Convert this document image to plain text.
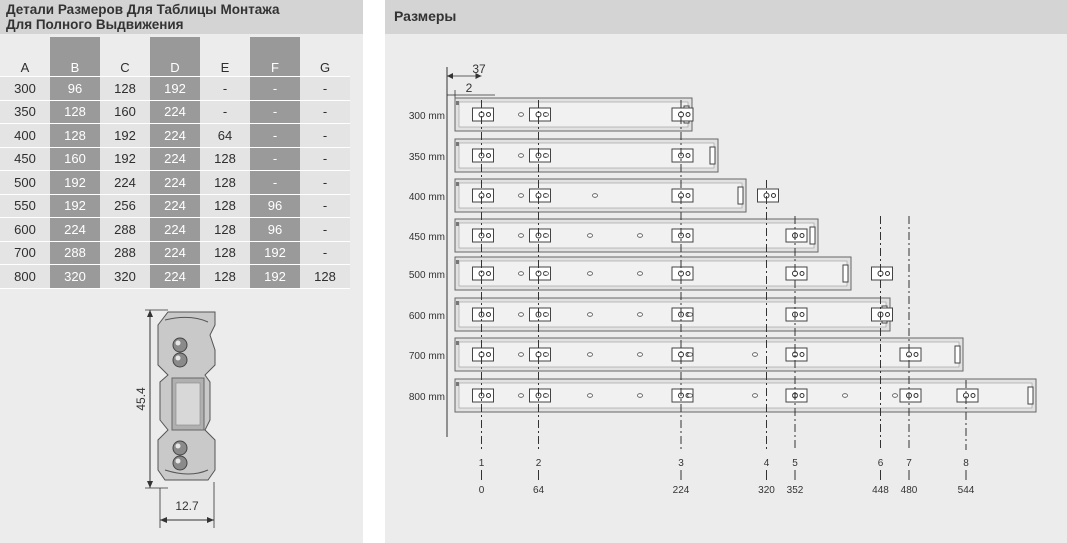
Детали Размеров Для Таблицы Монтажа
Для Полного Выдвижения
A	B	C	D	E	F	G
300	96	128	192	-	-	-
350	128	160	224	-	-	-
400	128	192	224	64	-	-
450	160	192	224	128	-	-
500	192	224	224	128	-	-
550	192	256	224	128	96	-
600	224	288	224	128	96	-
700	288	288	224	128	192	-
800	320	320	224	128	192	128
45.4
12.7
Размеры
37
2
300 mm
350 mm
400 mm
450 mm
500 mm
600 mm
700 mm
800 mm
1
0
2
64
3
224
4
320
5
352
6
448
7
480
8
544
